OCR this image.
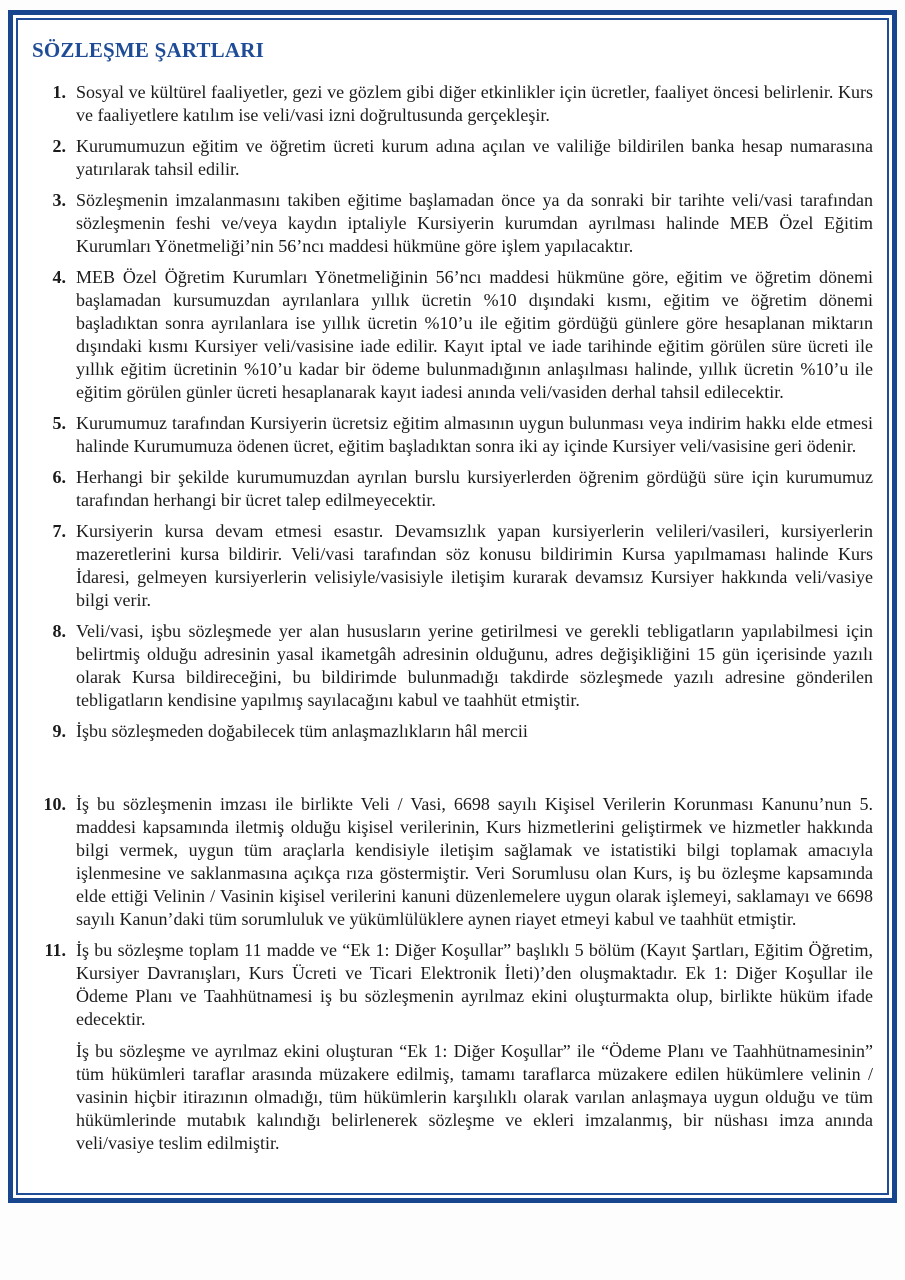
SÖZLEŞME ŞARTLARI
1. Sosyal ve kültürel faaliyetler, gezi ve gözlem gibi diğer etkinlikler için ücretler, faaliyet öncesi belirlenir. Kurs ve faaliyetlere katılım ise veli/vasi izni doğrultusunda gerçekleşir.

2. Kurumumuzun eğitim ve öğretim ücreti kurum adına açılan ve valiliğe bildirilen banka hesap numarasına yatırılarak tahsil edilir.

3. Sözleşmenin imzalanmasını takiben eğitime başlamadan önce ya da sonraki bir tarihte veli/vasi tarafından sözleşmenin feshi ve/veya kaydın iptaliyle Kursiyerin kurumdan ayrılması halinde MEB Özel Eğitim Kurumları Yönetmeliği’nin 56’ncı maddesi hükmüne göre işlem yapılacaktır.

4. MEB Özel Öğretim Kurumları Yönetmeliğinin 56’ncı maddesi hükmüne göre, eğitim ve öğretim dönemi başlamadan kursumuzdan ayrılanlara yıllık ücretin %10 dışındaki kısmı, eğitim ve öğretim dönemi başladıktan sonra ayrılanlara ise yıllık ücretin %10’u ile eğitim gördüğü günlere göre hesaplanan miktarın dışındaki kısmı Kursiyer veli/vasisine iade edilir. Kayıt iptal ve iade tarihinde eğitim görülen süre ücreti ile yıllık eğitim ücretinin %10’u kadar bir ödeme bulunmadığının anlaşılması halinde, yıllık ücretin %10’u ile eğitim görülen günler ücreti hesaplanarak kayıt iadesi anında veli/vasiden derhal tahsil edilecektir.

5. Kurumumuz tarafından Kursiyerin ücretsiz eğitim almasının uygun bulunması veya indirim hakkı elde etmesi halinde Kurumumuza ödenen ücret, eğitim başladıktan sonra iki ay içinde Kursiyer veli/vasisine geri ödenir.

6. Herhangi bir şekilde kurumumuzdan ayrılan burslu kursiyerlerden öğrenim gördüğü süre için kurumumuz tarafından herhangi bir ücret talep edilmeyecektir.

7. Kursiyerin kursa devam etmesi esastır. Devamsızlık yapan kursiyerlerin velileri/vasileri, kursiyerlerin mazeretlerini kursa bildirir. Veli/vasi tarafından söz konusu bildirimin Kursa yapılmaması halinde Kurs İdaresi, gelmeyen kursiyerlerin velisiyle/vasisiyle iletişim kurarak devamsız Kursiyer hakkında veli/vasiye bilgi verir.

8. Veli/vasi, işbu sözleşmede yer alan hususların yerine getirilmesi ve gerekli tebligatların yapılabilmesi için belirtmiş olduğu adresinin yasal ikametgâh adresinin olduğunu, adres değişikliğini 15 gün içerisinde yazılı olarak Kursa bildireceğini, bu bildirimde bulunmadığı takdirde sözleşmede yazılı adresine gönderilen tebligatların kendisine yapılmış sayılacağını kabul ve taahhüt etmiştir.

9. İşbu sözleşmeden doğabilecek tüm anlaşmazlıkların hâl mercii

10. İş bu sözleşmenin imzası ile birlikte Veli / Vasi, 6698 sayılı Kişisel Verilerin Korunması Kanunu’nun 5. maddesi kapsamında iletmiş olduğu kişisel verilerinin, Kurs hizmetlerini geliştirmek ve hizmetler hakkında bilgi vermek, uygun tüm araçlarla kendisiyle iletişim sağlamak ve istatistiki bilgi toplamak amacıyla işlenmesine ve saklanmasına açıkça rıza göstermiştir. Veri Sorumlusu olan Kurs, iş bu özleşme kapsamında elde ettiği Velinin / Vasinin kişisel verilerini kanuni düzenlemelere uygun olarak işlemeyi, saklamayı ve 6698 sayılı Kanun’daki tüm sorumluluk ve yükümlülüklere aynen riayet etmeyi kabul ve taahhüt etmiştir.

11. İş bu sözleşme toplam 11 madde ve “Ek 1: Diğer Koşullar” başlıklı 5 bölüm (Kayıt Şartları, Eğitim Öğretim, Kursiyer Davranışları, Kurs Ücreti ve Ticari Elektronik İleti)’den oluşmaktadır. Ek 1: Diğer Koşullar ile Ödeme Planı ve Taahhütnamesi iş bu sözleşmenin ayrılmaz ekini oluşturmakta olup, birlikte hüküm ifade edecektir.

İş bu sözleşme ve ayrılmaz ekini oluşturan “Ek 1: Diğer Koşullar” ile “Ödeme Planı ve Taahhütnamesinin” tüm hükümleri taraflar arasında müzakere edilmiş, tamamı taraflarca müzakere edilen hükümlere velinin / vasinin hiçbir itirazının olmadığı, tüm hükümlerin karşılıklı olarak varılan anlaşmaya uygun olduğu ve tüm hükümlerinde mutabık kalındığı belirlenerek sözleşme ve ekleri imzalanmış, bir nüshası imza anında veli/vasiye teslim edilmiştir.
